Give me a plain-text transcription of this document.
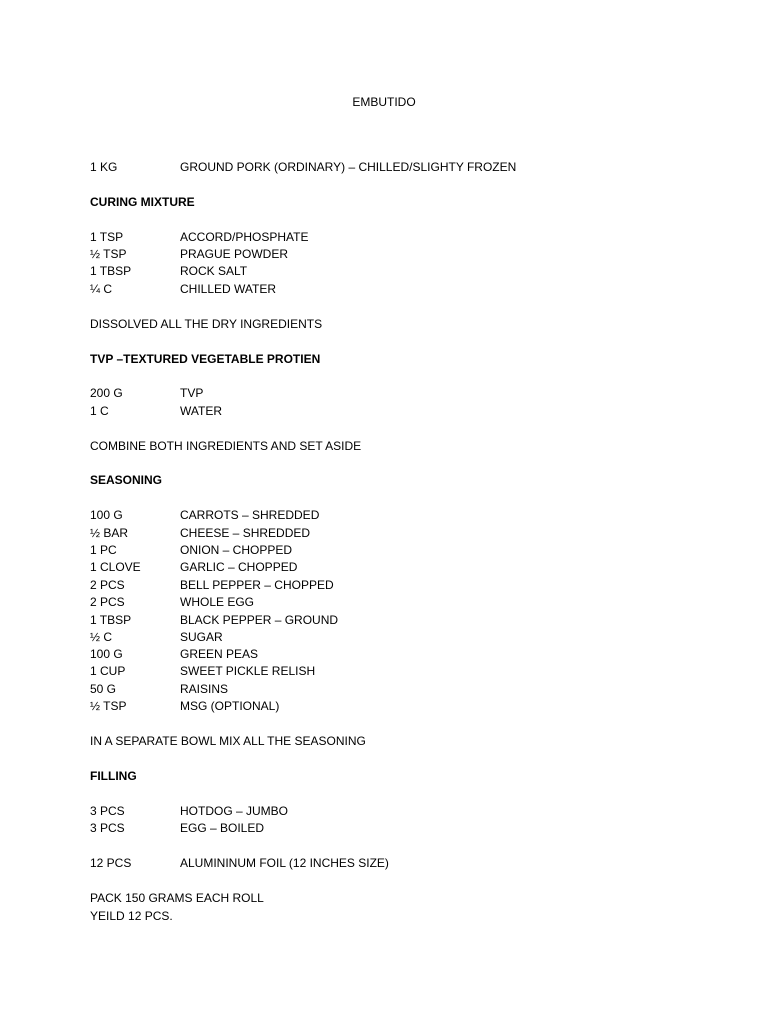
EMBUTIDO
1 KG	GROUND PORK (ORDINARY) – CHILLED/SLIGHTY FROZEN
CURING MIXTURE
1 TSP	ACCORD/PHOSPHATE
½ TSP	PRAGUE POWDER
1 TBSP	ROCK SALT
¼ C	CHILLED WATER
DISSOLVED ALL THE DRY INGREDIENTS
TVP –TEXTURED VEGETABLE PROTIEN
200 G	TVP
1 C	WATER
COMBINE BOTH INGREDIENTS AND SET ASIDE
SEASONING
100 G	CARROTS – SHREDDED
½ BAR	CHEESE – SHREDDED
1 PC	ONION – CHOPPED
1 CLOVE	GARLIC – CHOPPED
2 PCS	BELL PEPPER – CHOPPED
2 PCS	WHOLE EGG
1 TBSP	BLACK PEPPER – GROUND
½ C	SUGAR
100 G	GREEN PEAS
1 CUP	SWEET PICKLE RELISH
50 G	RAISINS
½ TSP	MSG (OPTIONAL)
IN A SEPARATE BOWL MIX ALL THE SEASONING
FILLING
3 PCS	HOTDOG – JUMBO
3 PCS	EGG – BOILED
12 PCS	ALUMININUM FOIL (12 INCHES SIZE)
PACK 150 GRAMS EACH ROLL
YEILD 12 PCS.
